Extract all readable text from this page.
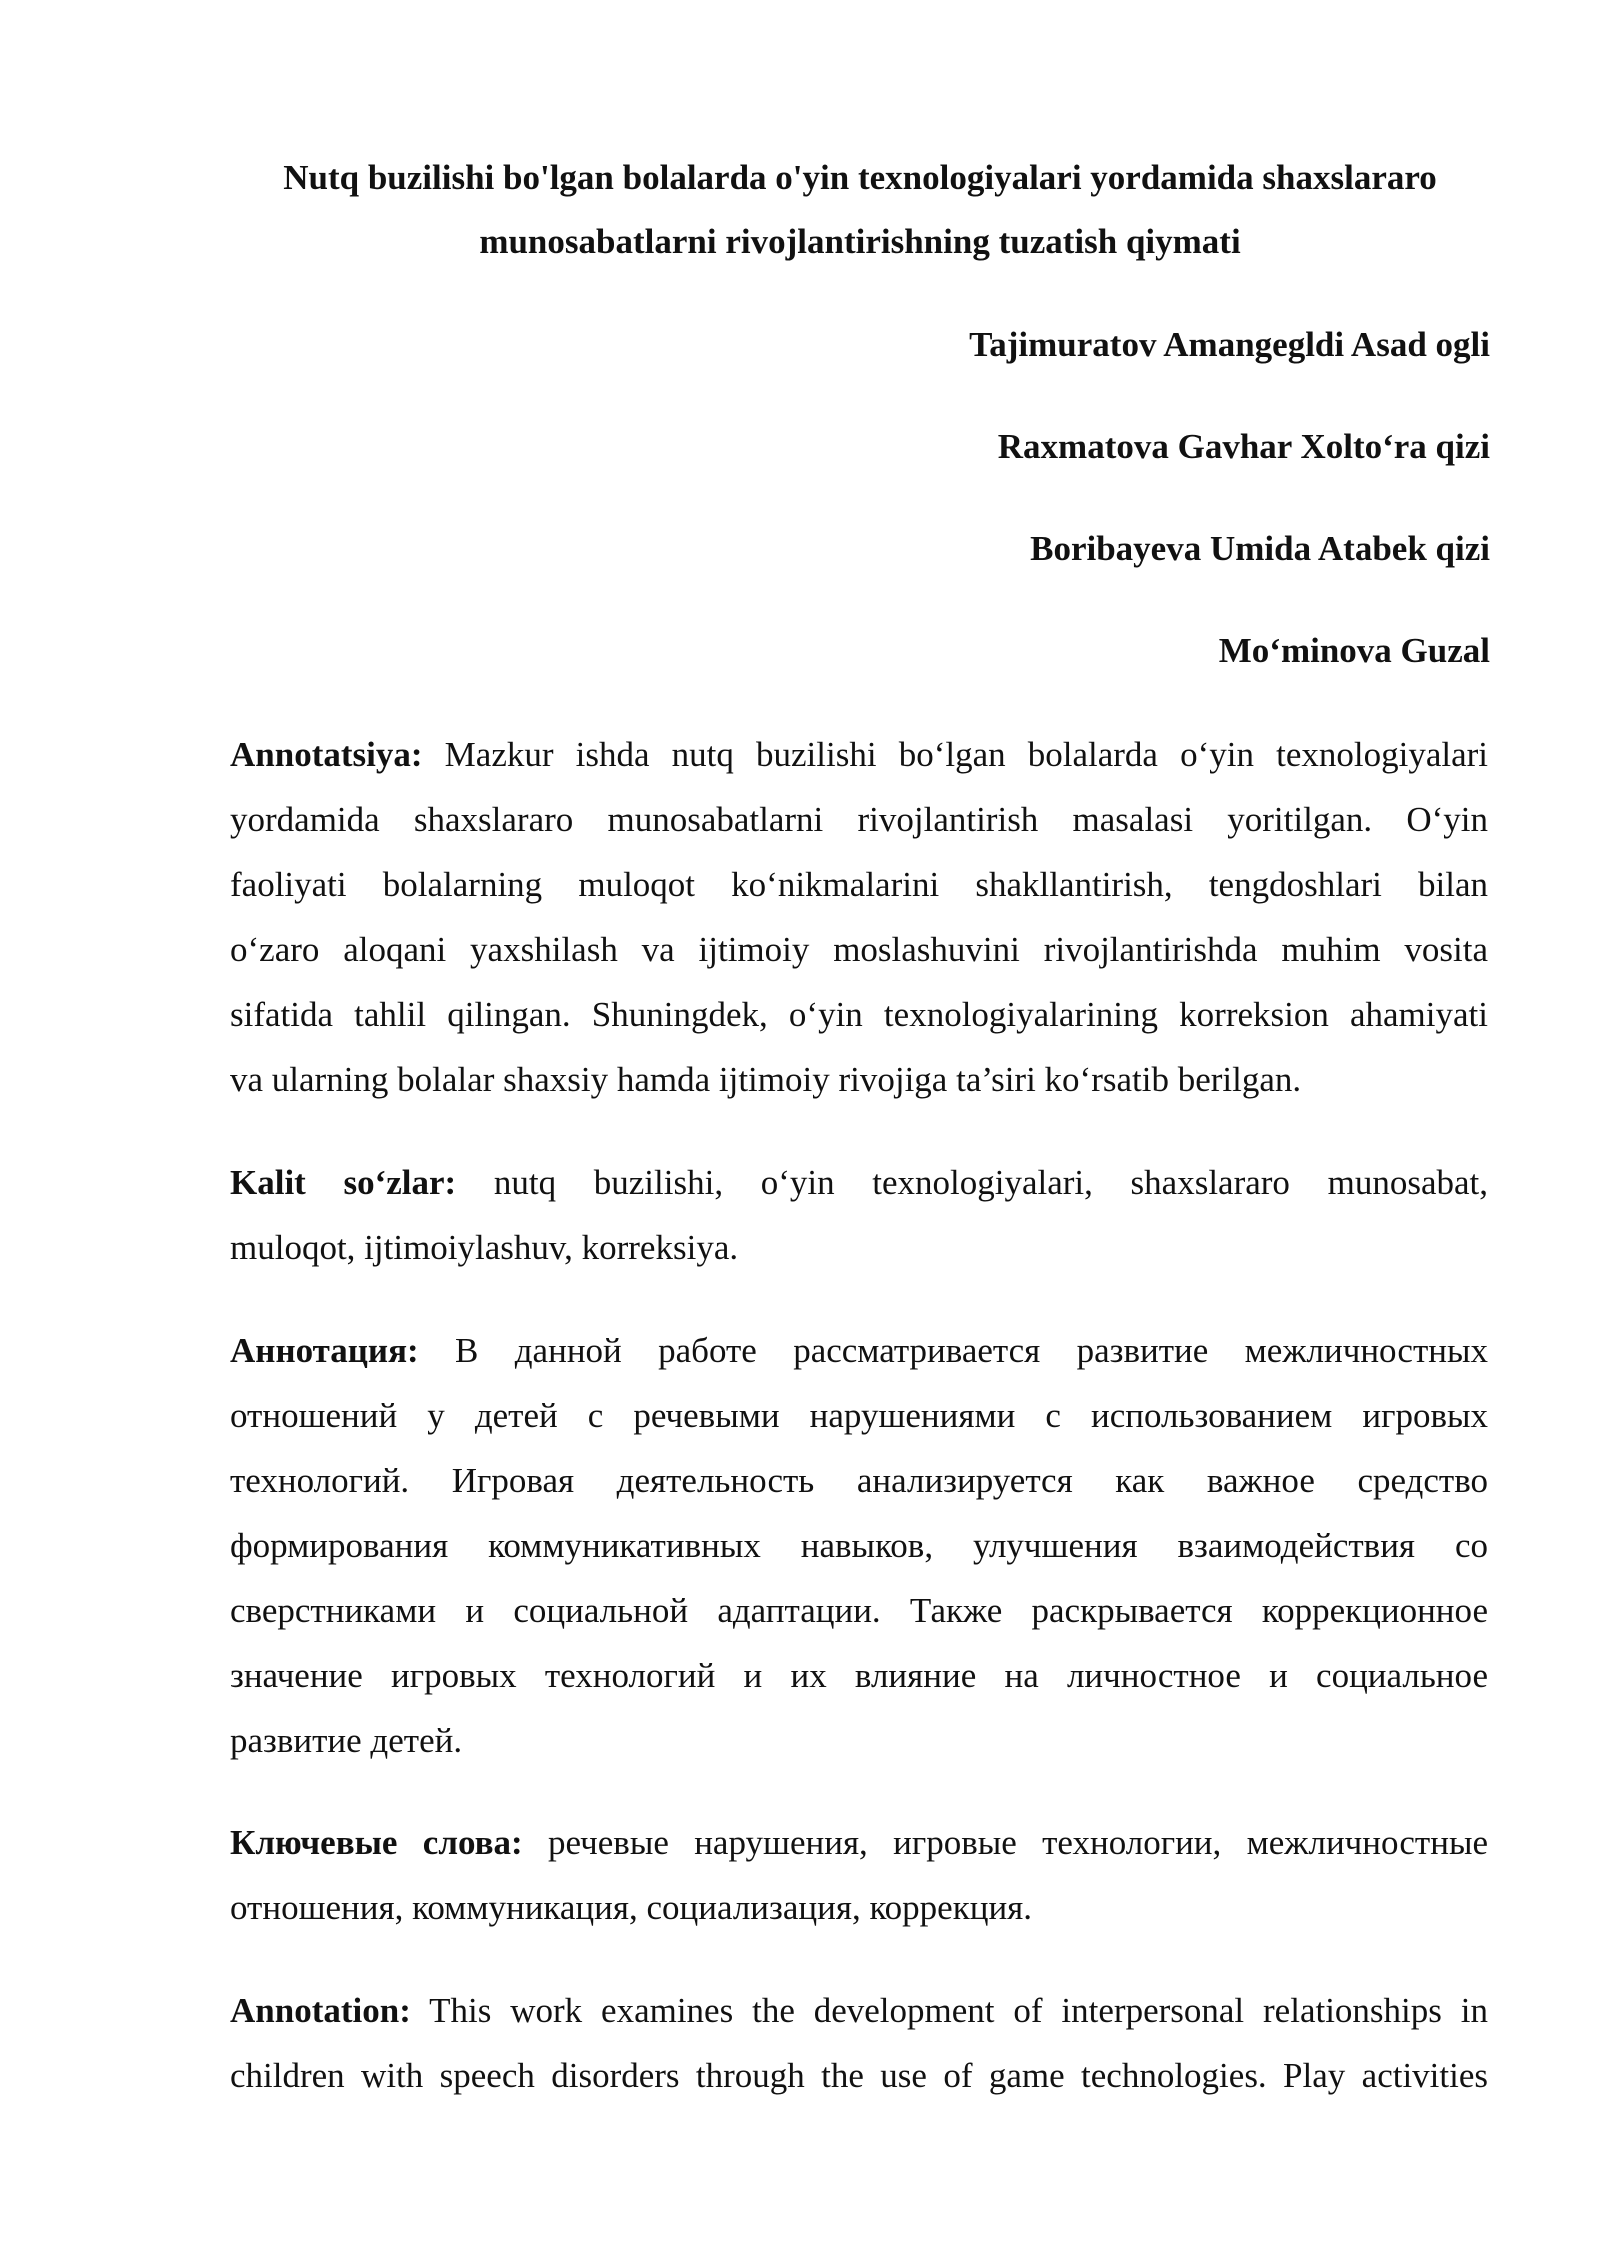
Nutq buzilishi bo'lgan bolalarda o'yin texnologiyalari yordamida shaxslararo
munosabatlarni rivojlantirishning tuzatish qiymati
Tajimuratov Amangegldi Asad ogli
Raxmatova Gavhar Xolto‘ra qizi
Boribayeva Umida Atabek qizi
Mo‘minova Guzal
Annotatsiya: Mazkur ishda nutq buzilishi bo‘lgan bolalarda o‘yin texnologiyalari
yordamida shaxslararo munosabatlarni rivojlantirish masalasi yoritilgan. O‘yin
faoliyati bolalarning muloqot ko‘nikmalarini shakllantirish, tengdoshlari bilan
o‘zaro aloqani yaxshilash va ijtimoiy moslashuvini rivojlantirishda muhim vosita
sifatida tahlil qilingan. Shuningdek, o‘yin texnologiyalarining korreksion ahamiyati
va ularning bolalar shaxsiy hamda ijtimoiy rivojiga ta’siri ko‘rsatib berilgan.
Kalit so‘zlar: nutq buzilishi, o‘yin texnologiyalari, shaxslararo munosabat,
muloqot, ijtimoiylashuv, korreksiya.
Аннотация: В данной работе рассматривается развитие межличностных
отношений у детей с речевыми нарушениями с использованием игровых
технологий. Игровая деятельность анализируется как важное средство
формирования коммуникативных навыков, улучшения взаимодействия со
сверстниками и социальной адаптации. Также раскрывается коррекционное
значение игровых технологий и их влияние на личностное и социальное
развитие детей.
Ключевые слова: речевые нарушения, игровые технологии, межличностные
отношения, коммуникация, социализация, коррекция.
Annotation: This work examines the development of interpersonal relationships in
children with speech disorders through the use of game technologies. Play activities
